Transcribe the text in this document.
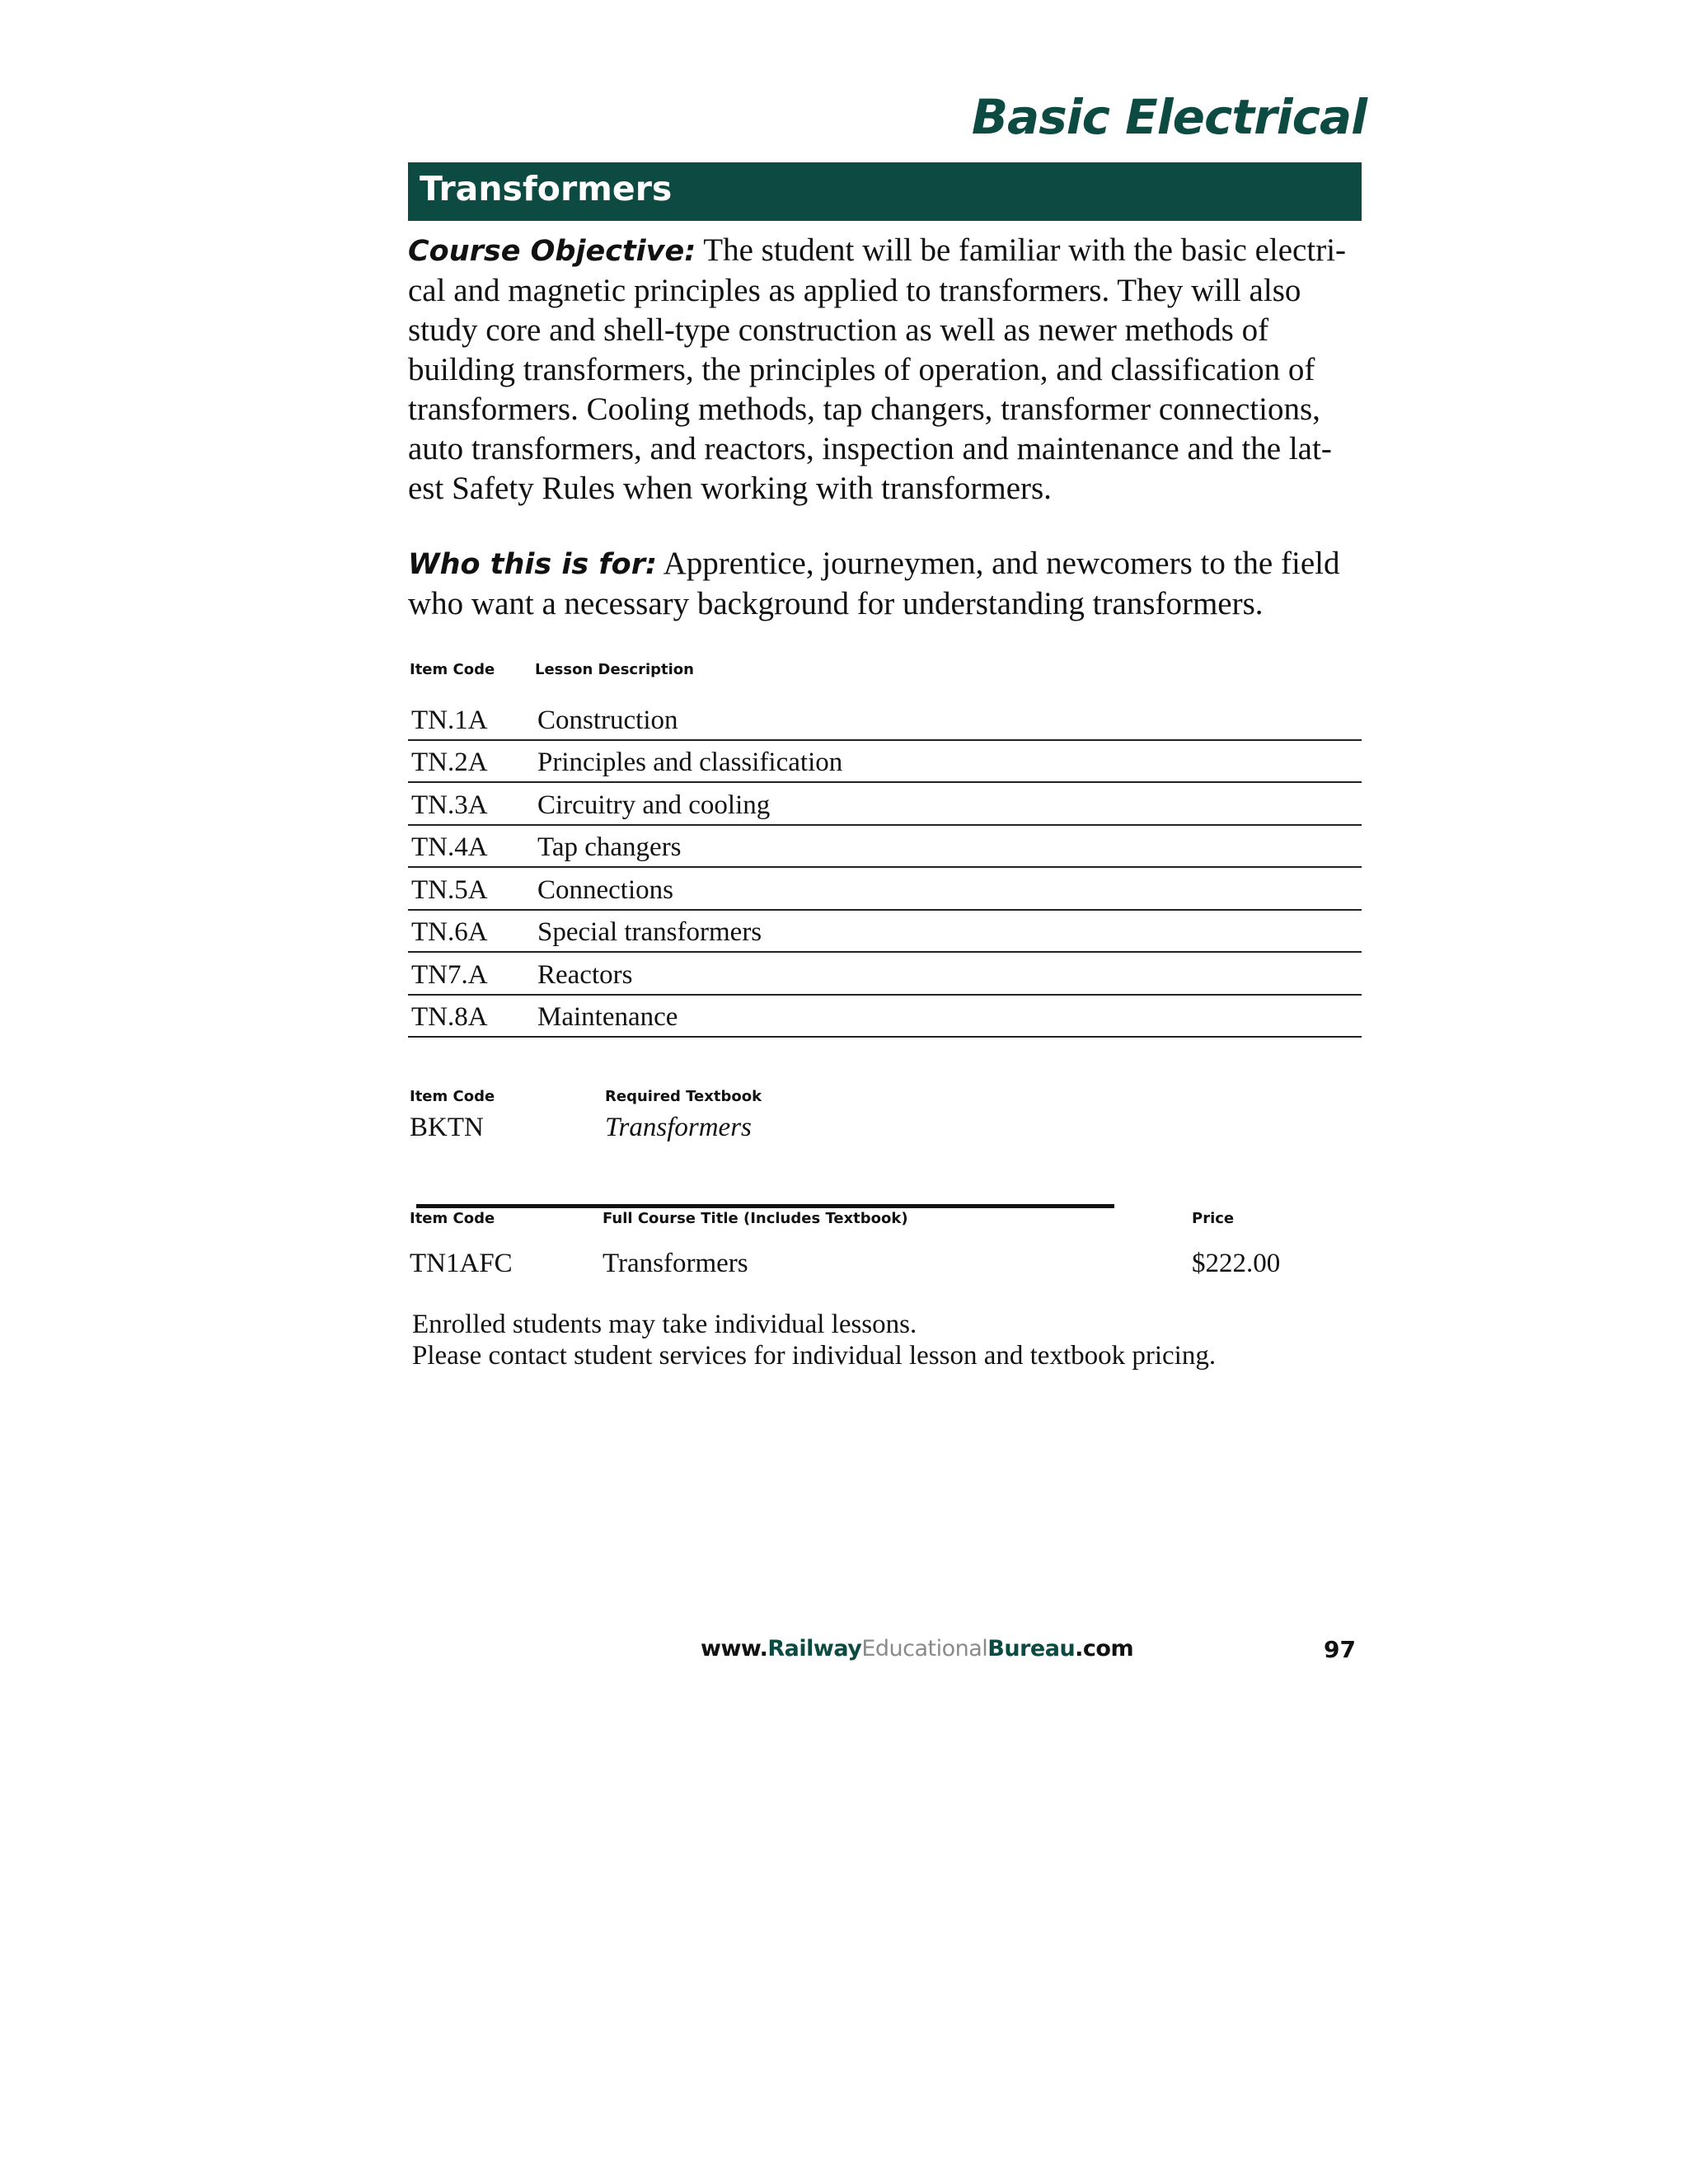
Basic Electrical
Transformers

Course Objective: The student will be familiar with the basic electri-
cal and magnetic principles as applied to transformers. They will also
study core and shell-type construction as well as newer methods of
building transformers, the principles of operation, and classification of
transformers. Cooling methods, tap changers, transformer connections,
auto transformers, and reactors, inspection and maintenance and the lat-
est Safety Rules when working with transformers.

Who this is for: Apprentice, journeymen, and newcomers to the field
who want a necessary background for understanding transformers.

Item Code	Lesson Description
TN.1A Construction
TN.2A Principles and classification
TN.3A Circuitry and cooling
TN.4A Tap changers
TN.5A Connections
TN.6A Special transformers
TN7.A Reactors
TN.8A Maintenance
Item Code	Required Textbook
BKTN	Transformers
Item Code	Full Course Title (Includes Textbook)	Price
TN1AFC	Transformers	$222.00
Enrolled students may take individual lessons.
Please contact student services for individual lesson and textbook pricing.
www.RailwayEducationalBureau.com	97
